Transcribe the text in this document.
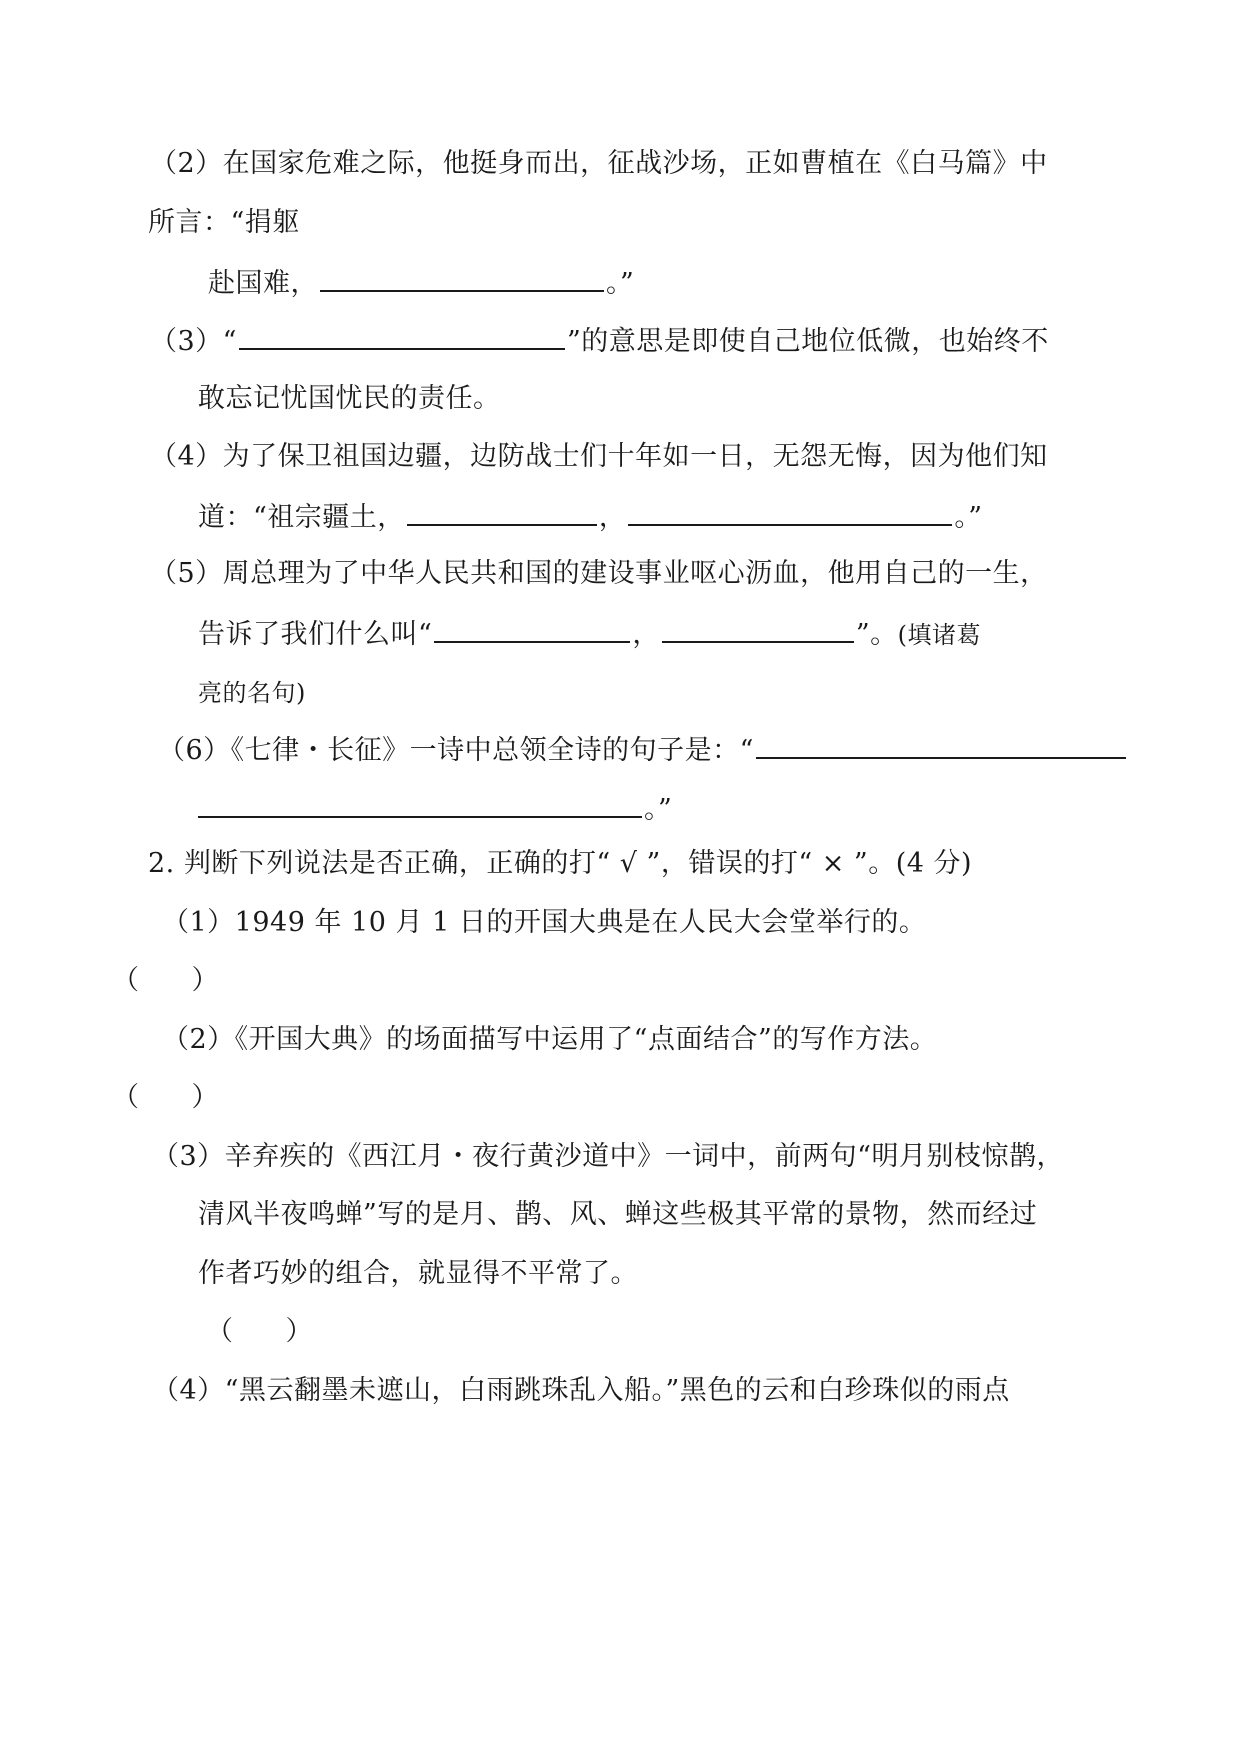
（2）在国家危难之际，他挺身而出，征战沙场，正如曹植在《白马篇》中
所言：“捐躯
赴国难，	。”
（3）“	”的意思是即使自己地位低微，也始终不
敢忘记忧国忧民的责任。
（4）为了保卫祖国边疆，边防战士们十年如一日，无怨无悔，因为他们知
道：“祖宗疆土，	，	。”
（5）周总理为了中华人民共和国的建设事业呕心沥血，他用自己的一生，
告诉了我们什么叫“	，	”。(填诸葛
亮的名句)
（6）《七律・长征》一诗中总领全诗的句子是：“
。”
2. 判断下列说法是否正确，正确的打“ √ ”，错误的打“ × ”。(4 分)
（1）1949 年 10 月 1 日的开国大典是在人民大会堂举行的。
（ ）
（2）《开国大典》的场面描写中运用了“点面结合”的写作方法。
（ ）
（3）辛弃疾的《西江月・夜行黄沙道中》一词中，前两句“明月别枝惊鹊，
清风半夜鸣蝉”写的是月、鹊、风、蝉这些极其平常的景物，然而经过
作者巧妙的组合，就显得不平常了。
（ ）
（4）“黑云翻墨未遮山，白雨跳珠乱入船。”黑色的云和白珍珠似的雨点
